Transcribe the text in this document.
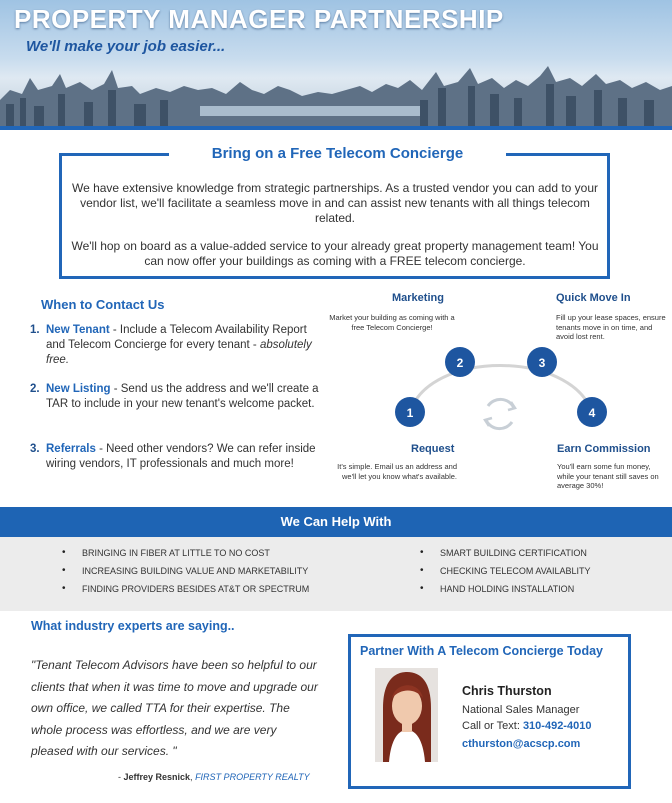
PROPERTY MANAGER PARTNERSHIP
We'll make your job easier...
Bring on a Free Telecom Concierge

We have extensive knowledge from strategic partnerships. As a trusted vendor you can add to your vendor list, we'll facilitate a seamless move in and can assist new tenants with all things telecom related.

We'll hop on board as a value-added service to your already great property management team! You can now offer your buildings as coming with a FREE telecom concierge.

When to Contact Us
1. New Tenant - Include a Telecom Availability Report and Telecom Concierge for every tenant - absolutely free.
2. New Listing - Send us the address and we'll create a TAR to include in your new tenant's welcome packet.
3. Referrals - Need other vendors? We can refer inside wiring vendors, IT professionals and much more!
1
2	3
4
Marketing
Market your building as coming with a free Telecom Concierge!
Quick Move In
Fill up your lease spaces, ensure tenants move in on time, and avoid lost rent.
Request
It's simple. Email us an address and we'll let you know what's available.
Earn Commission
You'll earn some fun money, while your tenant still saves on average 30%!
We Can Help With
• BRINGING IN FIBER AT LITTLE TO NO COST
• INCREASING BUILDING VALUE AND MARKETABILITY
• FINDING PROVIDERS BESIDES AT&T OR SPECTRUM
• SMART BUILDING CERTIFICATION
• CHECKING TELECOM AVAILABLITY
• HAND HOLDING INSTALLATION
What industry experts are saying..

"Tenant Telecom Advisors have been so helpful to our clients that when it was time to move and upgrade our own office, we called TTA for their expertise. The whole process was effortless, and we are very pleased with our services. "

- Jeffrey Resnick, FIRST PROPERTY REALTY
Partner With A Telecom Concierge Today
Chris Thurston
National Sales Manager
Call or Text: 310-492-4010
cthurston@acscp.com
